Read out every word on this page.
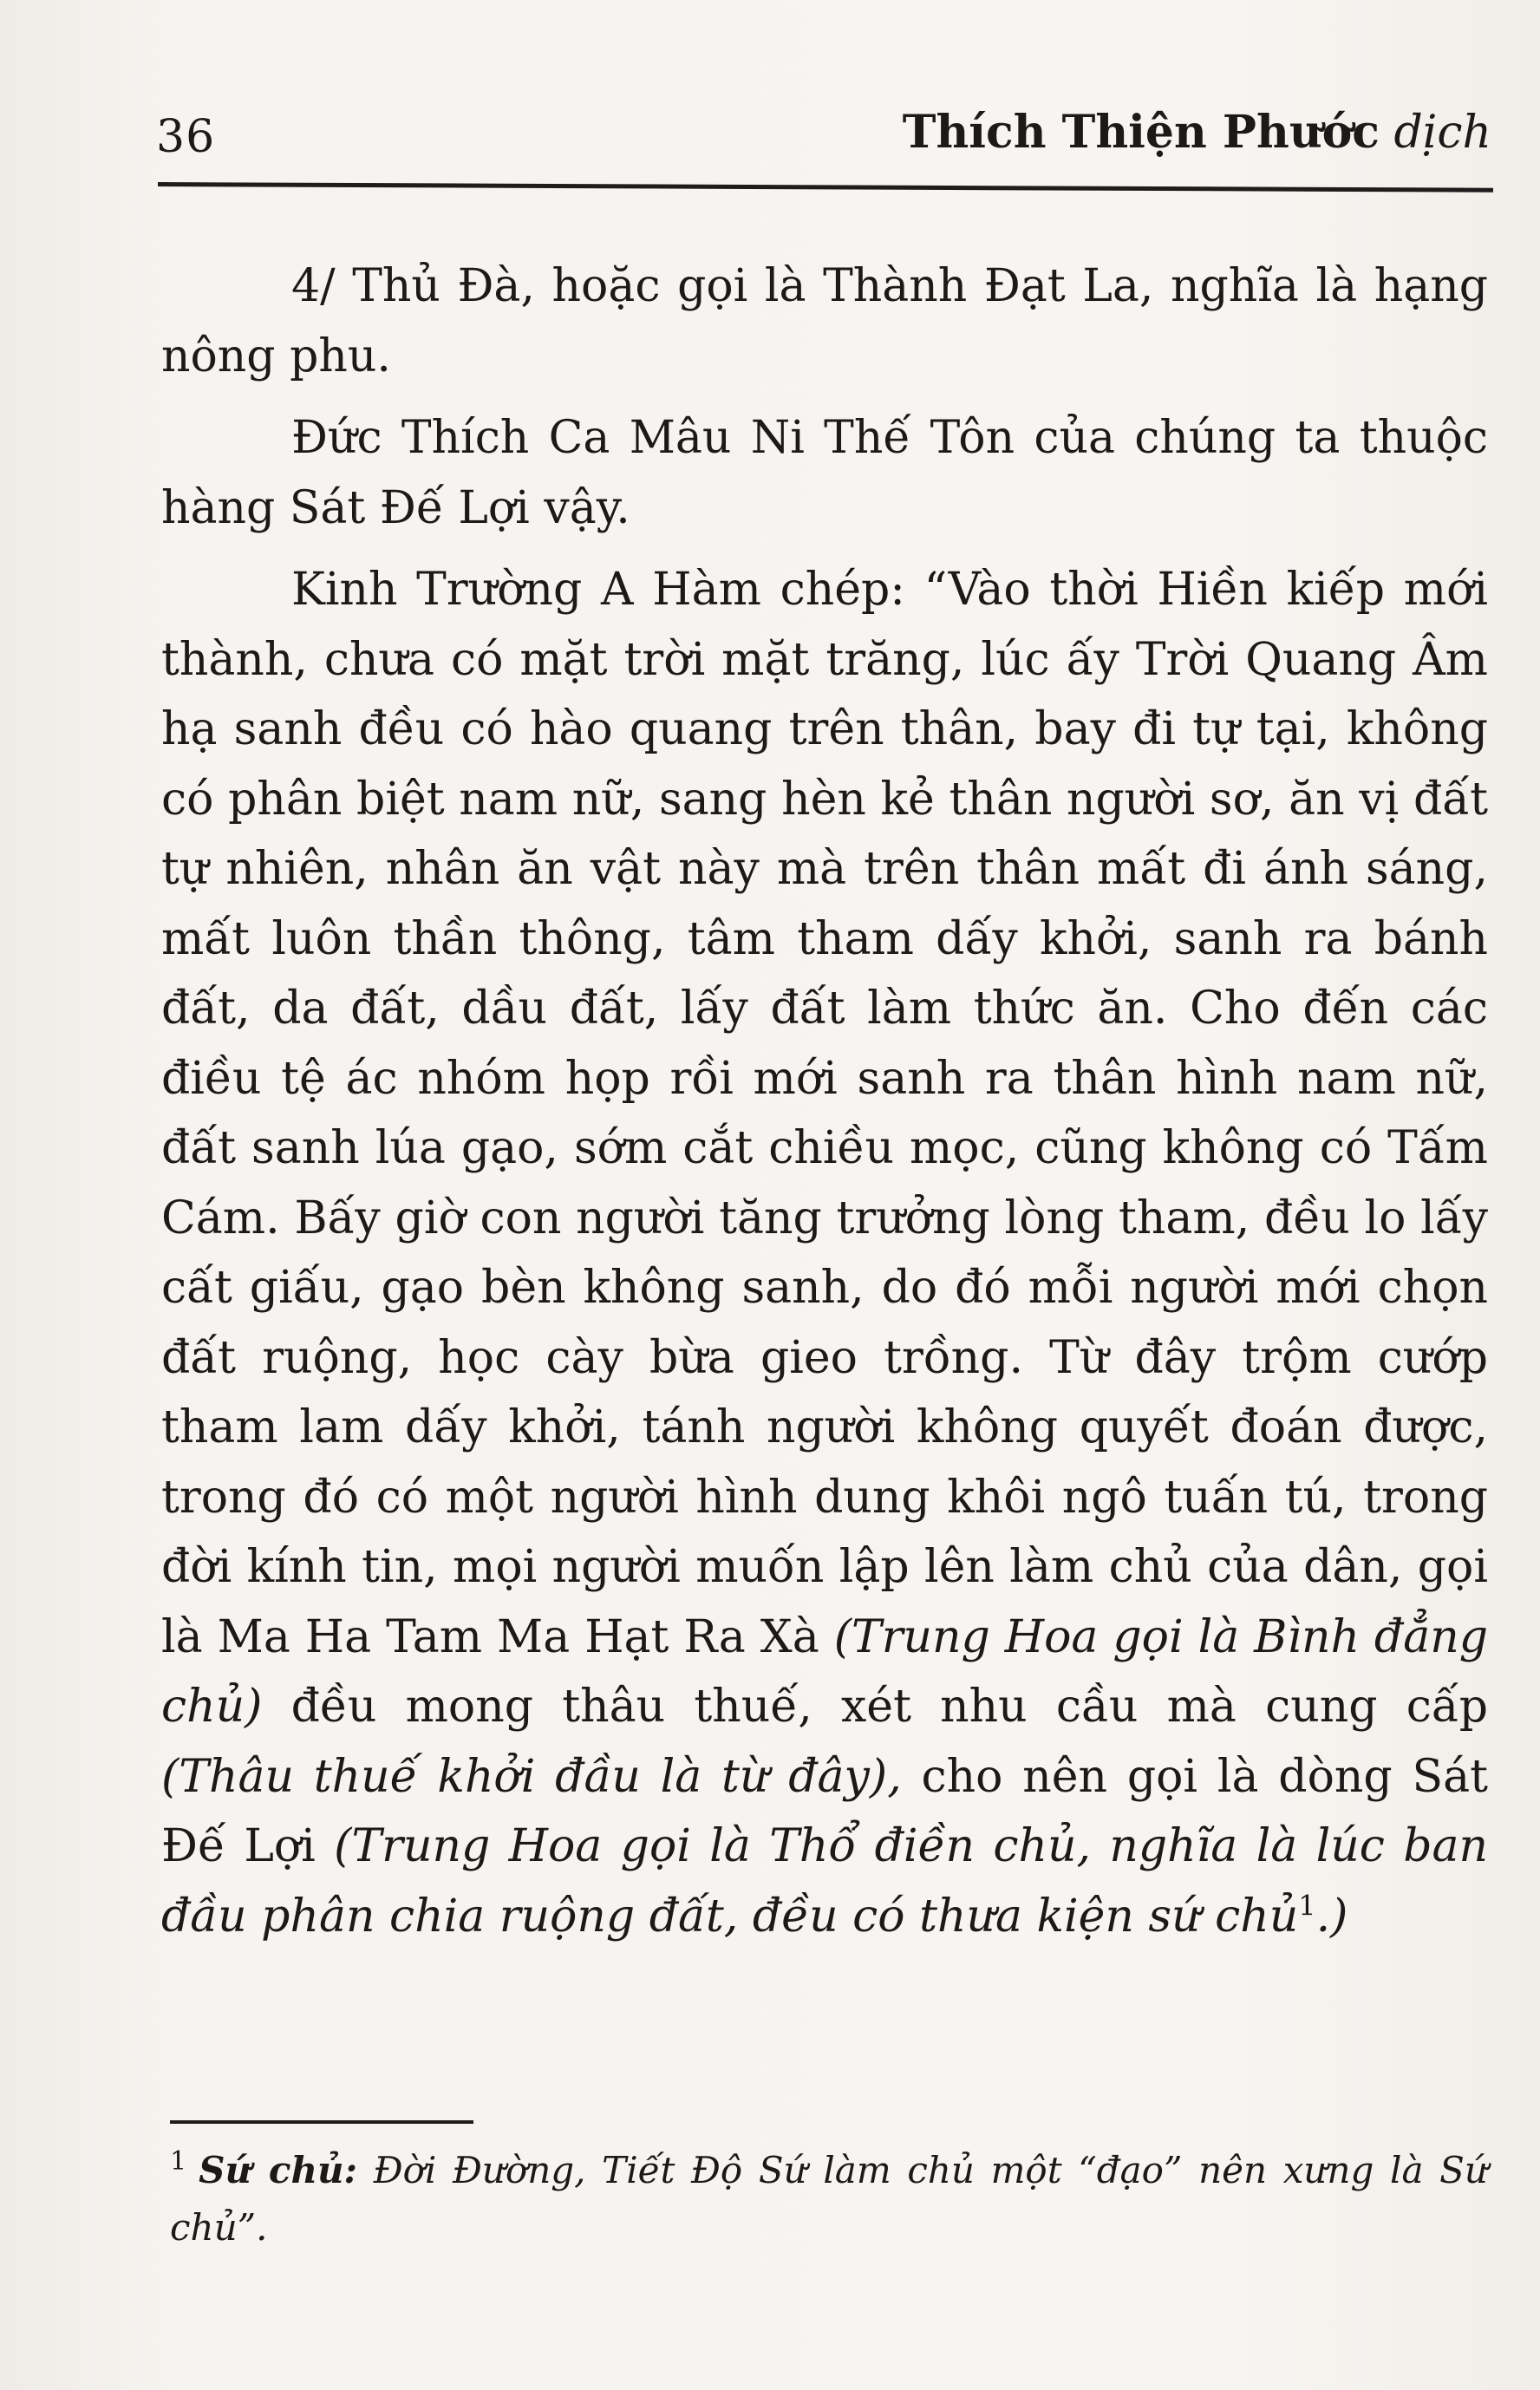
36	Thích Thiện Phước dịch

4/ Thủ Đà, hoặc gọi là Thành Đạt La, nghĩa là hạng nông phu.

Đức Thích Ca Mâu Ni Thế Tôn của chúng ta thuộc hàng Sát Đế Lợi vậy.

Kinh Trường A Hàm chép: “Vào thời Hiền kiếp mới thành, chưa có mặt trời mặt trăng, lúc ấy Trời Quang Âm hạ sanh đều có hào quang trên thân, bay đi tự tại, không có phân biệt nam nữ, sang hèn kẻ thân người sơ, ăn vị đất tự nhiên, nhân ăn vật này mà trên thân mất đi ánh sáng, mất luôn thần thông, tâm tham dấy khởi, sanh ra bánh đất, da đất, dầu đất, lấy đất làm thức ăn. Cho đến các điều tệ ác nhóm họp rồi mới sanh ra thân hình nam nữ, đất sanh lúa gạo, sớm cắt chiều mọc, cũng không có Tấm Cám. Bấy giờ con người tăng trưởng lòng tham, đều lo lấy cất giấu, gạo bèn không sanh, do đó mỗi người mới chọn đất ruộng, học cày bừa gieo trồng. Từ đây trộm cướp tham lam dấy khởi, tánh người không quyết đoán được, trong đó có một người hình dung khôi ngô tuấn tú, trong đời kính tin, mọi người muốn lập lên làm chủ của dân, gọi là Ma Ha Tam Ma Hạt Ra Xà (Trung Hoa gọi là Bình đẳng chủ) đều mong thâu thuế, xét nhu cầu mà cung cấp (Thâu thuế khởi đầu là từ đây), cho nên gọi là dòng Sát Đế Lợi (Trung Hoa gọi là Thổ điền chủ, nghĩa là lúc ban đầu phân chia ruộng đất, đều có thưa kiện sứ chủ$^1$.)

$^1$ Sứ chủ: Đời Đường, Tiết Độ Sứ làm chủ một “đạo” nên xưng là Sứ chủ”.
